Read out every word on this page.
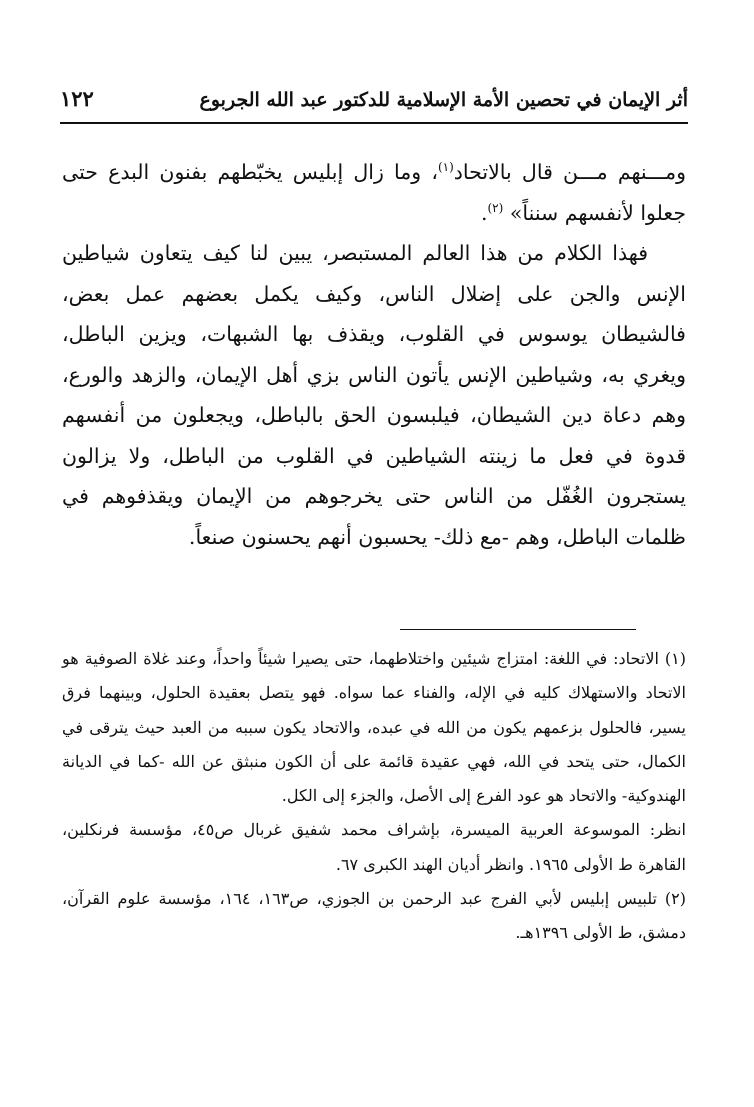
أثر الإيمان في تحصين الأمة الإسلامية للدكتور عبد الله الجربوع
١٢٢

ومـــنهم مـــن قال بالاتحاد$^{(١)}$، وما زال إبليس يخبّطهم بفنون البدع حتى جعلوا لأنفسهم سنناً» $^{(٢)}$.

فهذا الكلام من هذا العالم المستبصر، يبين لنا كيف يتعاون شياطين الإنس والجن على إضلال الناس، وكيف يكمل بعضهم عمل بعض، فالشيطان يوسوس في القلوب، ويقذف بها الشبهات، ويزين الباطل، ويغري به، وشياطين الإنس يأتون الناس بزي أهل الإيمان، والزهد والورع، وهم دعاة دين الشيطان، فيلبسون الحق بالباطل، ويجعلون من أنفسهم قدوة في فعل ما زينته الشياطين في القلوب من الباطل، ولا يزالون يستجرون الغُفّل من الناس حتى يخرجوهم من الإيمان ويقذفوهم في ظلمات الباطل، وهم -مع ذلك- يحسبون أنهم يحسنون صنعاً.

(١) الاتحاد: في اللغة: امتزاج شيئين واختلاطهما، حتى يصيرا شيئاً واحداً، وعند غلاة الصوفية هو الاتحاد والاستهلاك كليه في الإله، والفناء عما سواه. فهو يتصل بعقيدة الحلول، وبينهما فرق يسير، فالحلول بزعمهم يكون من الله في عبده، والاتحاد يكون سببه من العبد حيث يترقى في الكمال، حتى يتحد في الله، فهي عقيدة قائمة على أن الكون منبثق عن الله -كما في الديانة الهندوكية- والاتحاد هو عود الفرع إلى الأصل، والجزء إلى الكل.

انظر: الموسوعة العربية الميسرة، بإشراف محمد شفيق غربال ص٤٥، مؤسسة فرنكلين، القاهرة ط الأولى ١٩٦٥. وانظر أديان الهند الكبرى ٦٧.

(٢) تلبيس إبليس لأبي الفرج عبد الرحمن بن الجوزي، ص١٦٣، ١٦٤، مؤسسة علوم القرآن، دمشق، ط الأولى ١٣٩٦هـ.
